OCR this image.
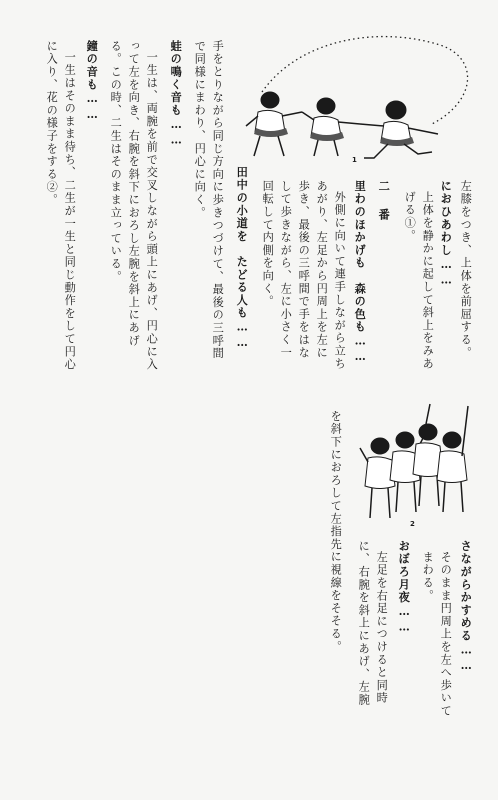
1
2
左膝をつき、上体を前屈する。
におひあわし……
上体を静かに起して斜上をみあ
げる①。
二 番
里わのほかげも　森の色も……
外側に向いて連手しながら立ち
あがり、左足から円周上を左に
歩き、最後の三呼間で手をはな
して歩きながら、左に小さく一
回転して内側を向く。
田中の小道を　たどる人も……
手をとりながら同じ方向に歩きつづけて、最後の三呼間
で同様にまわり、円心に向く。
蛙の鳴く音も……
一生は、両腕を前で交叉しながら頭上にあげ、円心に入
って左を向き、右腕を斜下におろし左腕を斜上にあげ
る。この時、二生はそのまま立っている。
鐘の音も……
一生はそのまま待ち、二生が一生と同じ動作をして円心
に入り、花の様子をする②。
を斜下におろして左指先に視線をそそる。	さながらかすめる……
そのまま円周上を左へ歩いて
まわる。
おぼろ月夜……
左足を右足につけると同時
に、右腕を斜上にあげ、左腕
